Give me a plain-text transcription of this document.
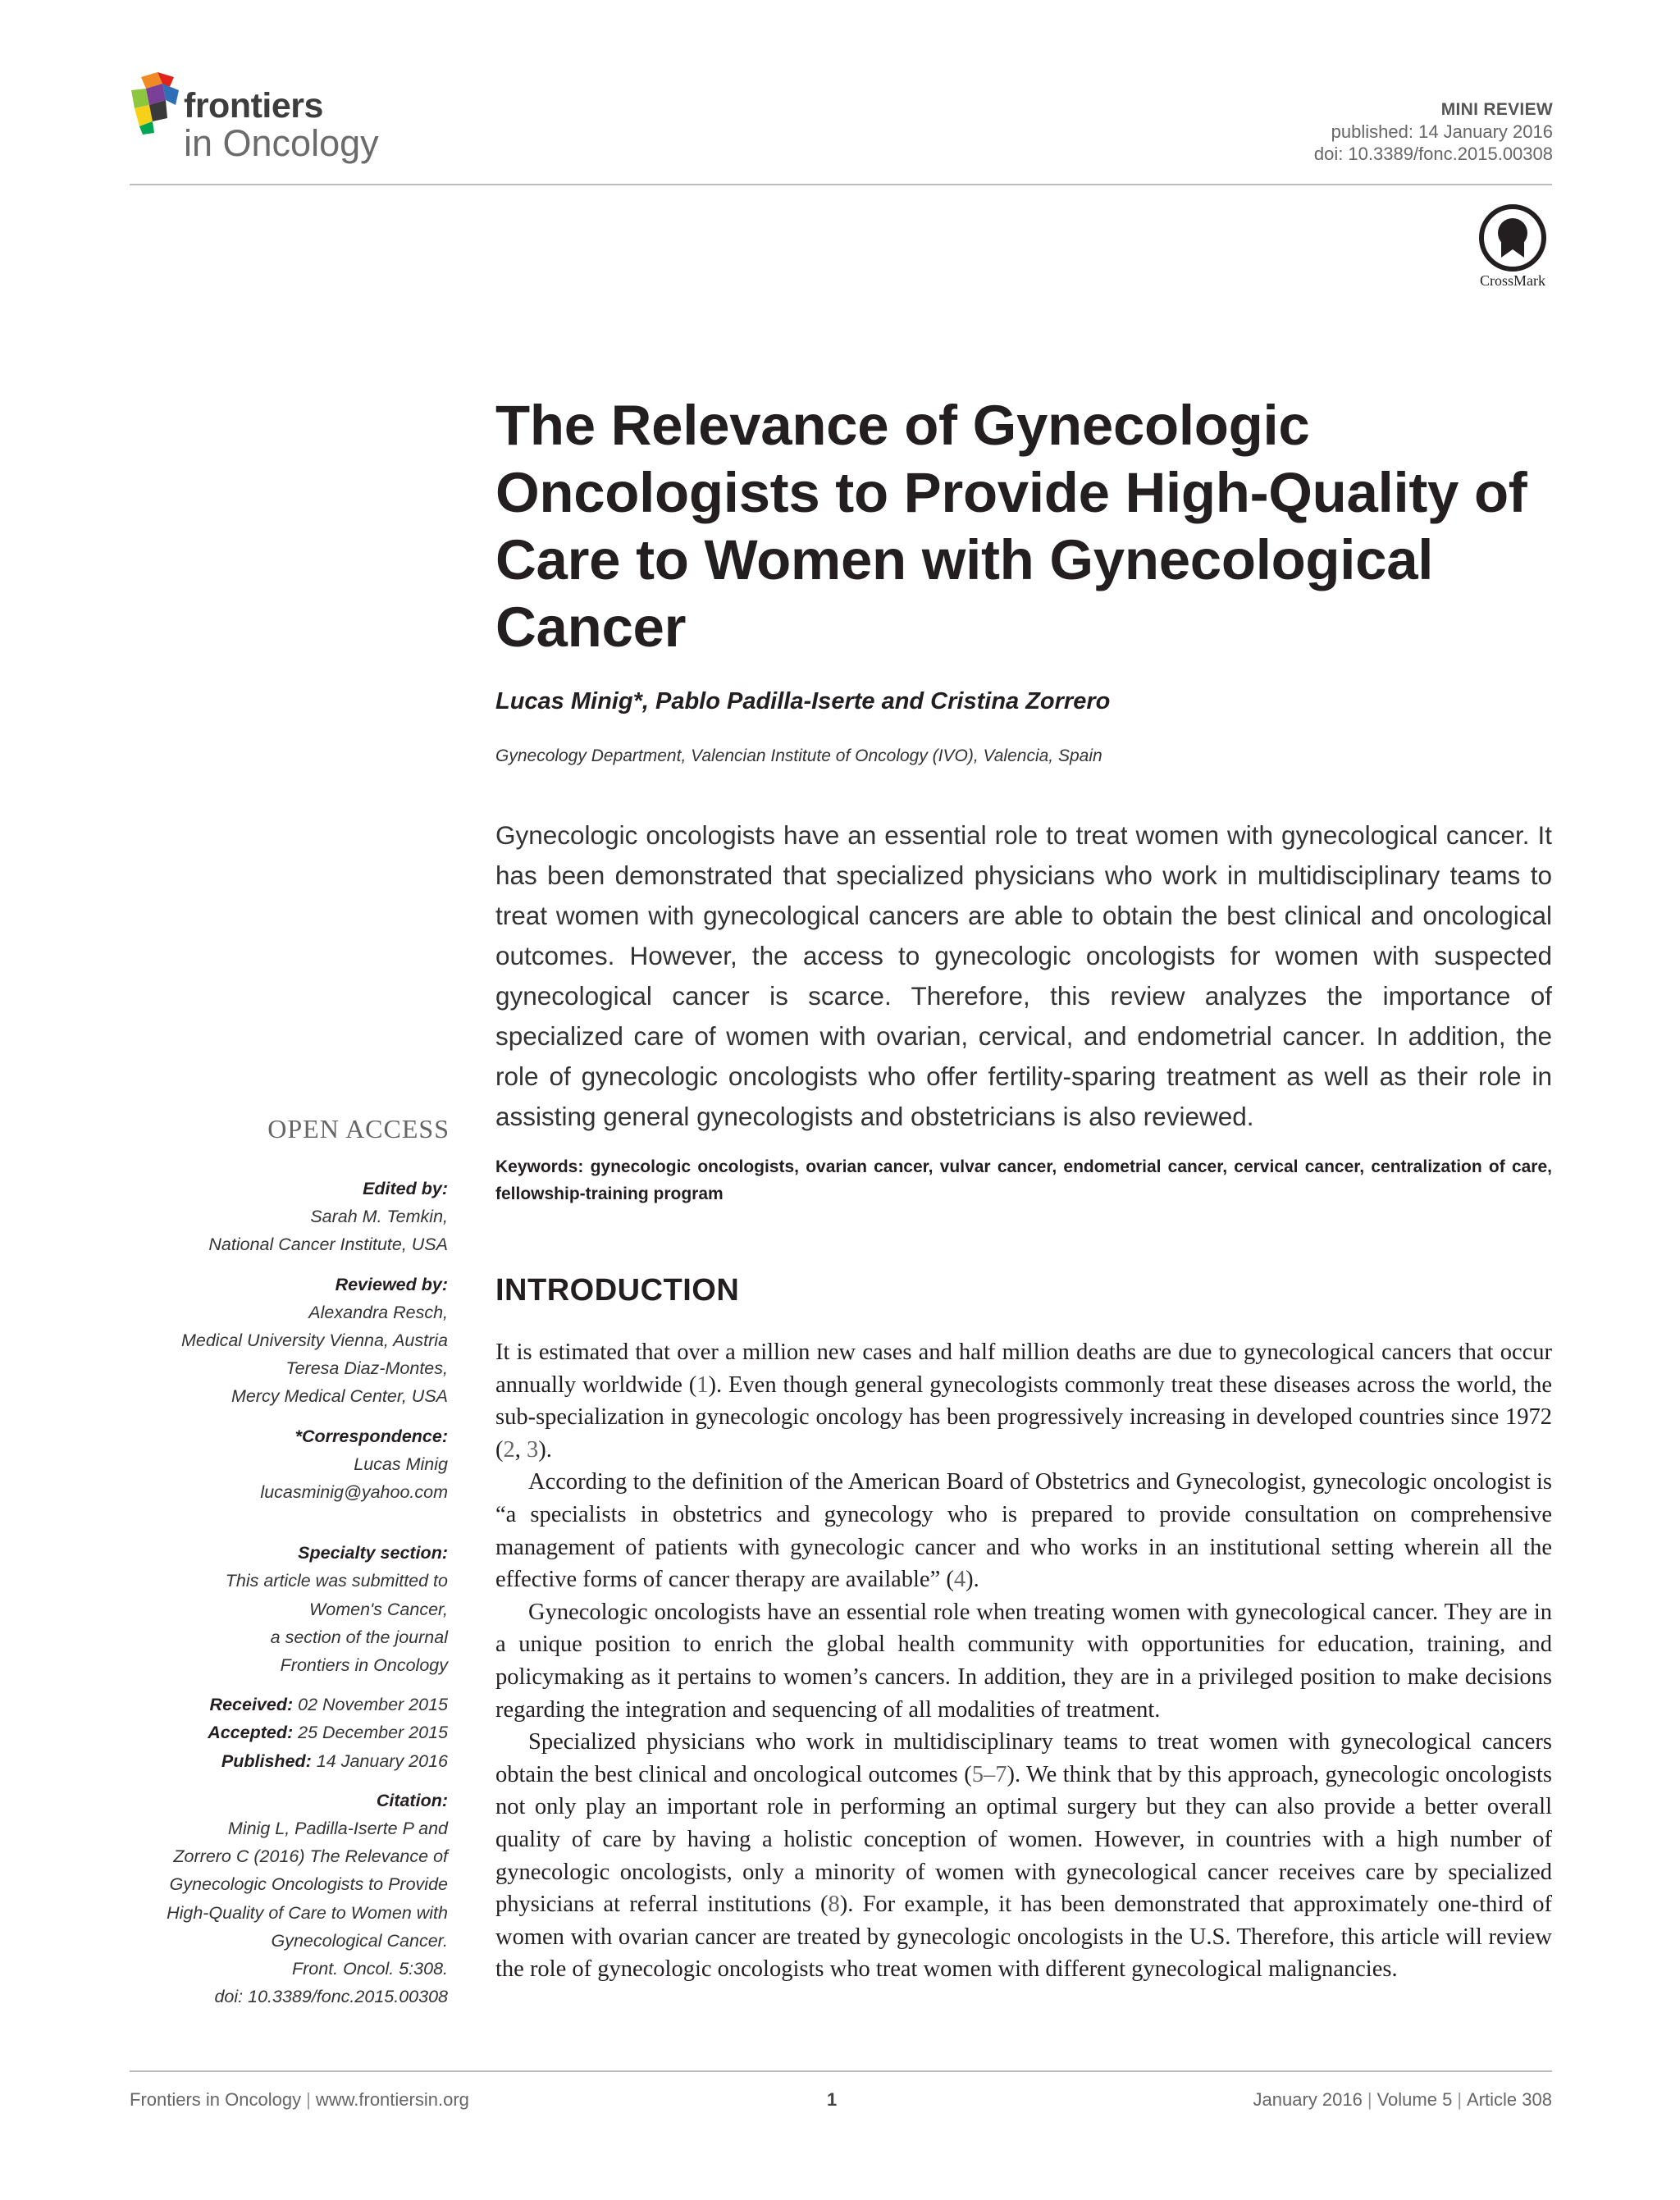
frontiers
in Oncology
MINI REVIEW
published: 14 January 2016
doi: 10.3389/fonc.2015.00308
CrossMark
The Relevance of Gynecologic Oncologists to Provide High-Quality of Care to Women with Gynecological Cancer
Lucas Minig*, Pablo Padilla-Iserte and Cristina Zorrero
Gynecology Department, Valencian Institute of Oncology (IVO), Valencia, Spain
Gynecologic oncologists have an essential role to treat women with gynecological cancer. It has been demonstrated that specialized physicians who work in multidisciplinary teams to treat women with gynecological cancers are able to obtain the best clinical and oncological outcomes. However, the access to gynecologic oncologists for women with suspected gynecological cancer is scarce. Therefore, this review analyzes the importance of specialized care of women with ovarian, cervical, and endometrial cancer. In addition, the role of gynecologic oncologists who offer fertility-sparing treatment as well as their role in assisting general gynecologists and obstetricians is also reviewed.
Keywords: gynecologic oncologists, ovarian cancer, vulvar cancer, endometrial cancer, cervical cancer, centralization of care, fellowship-training program
INTRODUCTION

It is estimated that over a million new cases and half million deaths are due to gynecological cancers that occur annually worldwide (1). Even though general gynecologists commonly treat these diseases across the world, the sub-specialization in gynecologic oncology has been progressively increasing in developed countries since 1972 (2, 3).

According to the definition of the American Board of Obstetrics and Gynecologist, gynecologic oncologist is “a specialists in obstetrics and gynecology who is prepared to provide consultation on comprehensive management of patients with gynecologic cancer and who works in an institutional setting wherein all the effective forms of cancer therapy are available” (4).

Gynecologic oncologists have an essential role when treating women with gynecological cancer. They are in a unique position to enrich the global health community with opportunities for education, training, and policymaking as it pertains to women’s cancers. In addition, they are in a privileged position to make decisions regarding the integration and sequencing of all modalities of treatment.

Specialized physicians who work in multidisciplinary teams to treat women with gynecological cancers obtain the best clinical and oncological outcomes (5–7). We think that by this approach, gynecologic oncologists not only play an important role in performing an optimal surgery but they can also provide a better overall quality of care by having a holistic conception of women. However, in countries with a high number of gynecologic oncologists, only a minority of women with gynecological cancer receives care by specialized physicians at referral institutions (8). For example, it has been demonstrated that approximately one-third of women with ovarian cancer are treated by gynecologic oncologists in the U.S. Therefore, this article will review the role of gynecologic oncologists who treat women with different gynecological malignancies.

OPEN ACCESS
Edited by:
Sarah M. Temkin,
National Cancer Institute, USA
Reviewed by:
Alexandra Resch,
Medical University Vienna, Austria
Teresa Diaz-Montes,
Mercy Medical Center, USA
*Correspondence:
Lucas Minig
lucasminig@yahoo.com
Specialty section:
This article was submitted to
Women's Cancer,
a section of the journal
Frontiers in Oncology
Received: 02 November 2015
Accepted: 25 December 2015
Published: 14 January 2016
Citation:
Minig L, Padilla-Iserte P and
Zorrero C (2016) The Relevance of
Gynecologic Oncologists to Provide
High-Quality of Care to Women with
Gynecological Cancer.
Front. Oncol. 5:308.
doi: 10.3389/fonc.2015.00308
Frontiers in Oncology | www.frontiersin.org	1	January 2016 | Volume 5 | Article 308
